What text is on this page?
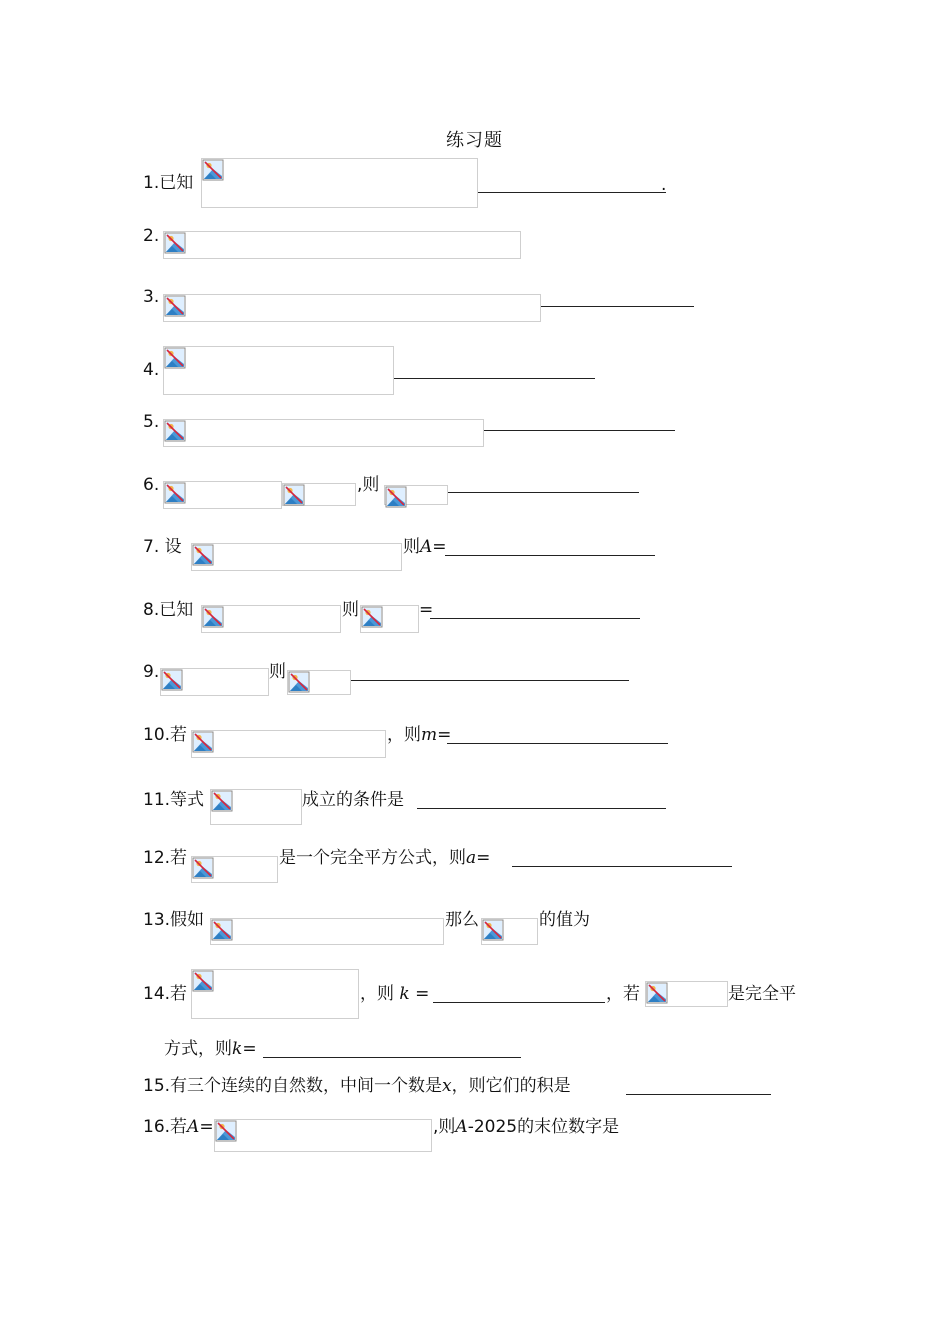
练习题
1.已知	.
2.
3.
4.
5.
6.	,则
7. 设	则A=
8.已知	则	=
9.	则
10.若	，则m=
11.等式	成立的条件是
12.若	是一个完全平方公式，则a=
13.假如	那么	的值为
14.若	，则 k =	，若	是完全平
方式，则k=
15.有三个连续的自然数，中间一个数是x，则它们的积是
16.若A=	,则A-2025的末位数字是
